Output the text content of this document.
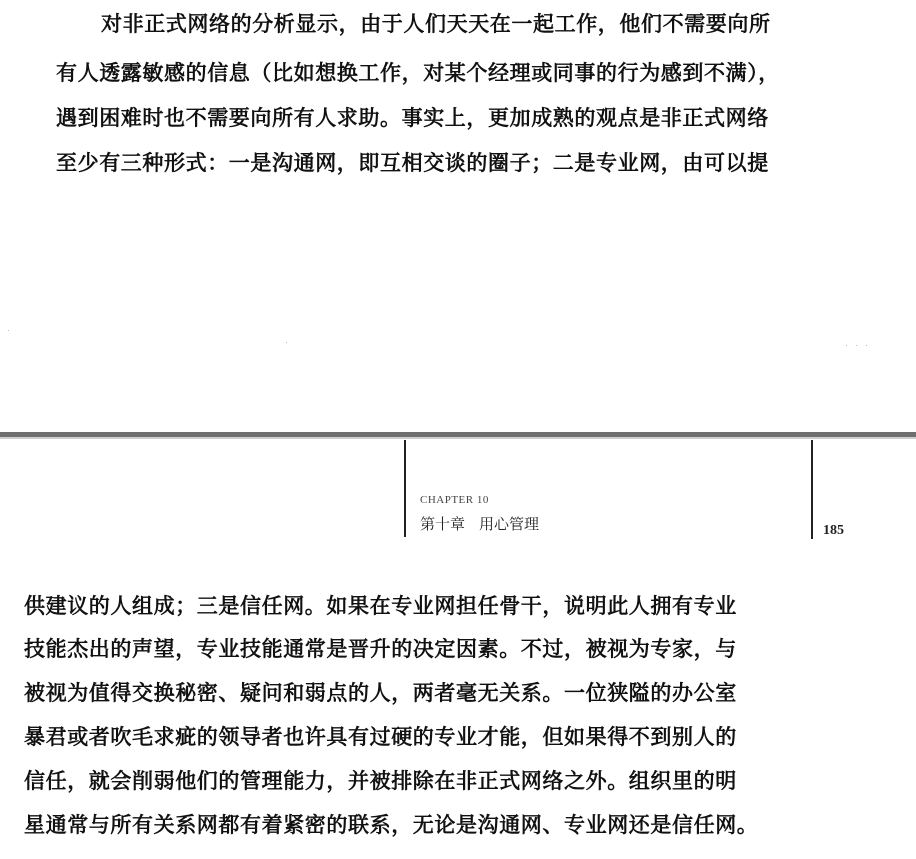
对非正式网络的分析显示，由于人们天天在一起工作，他们不需要向所
有人透露敏感的信息（比如想换工作，对某个经理或同事的行为感到不满），
遇到困难时也不需要向所有人求助。事实上，更加成熟的观点是非正式网络
至少有三种形式：一是沟通网，即互相交谈的圈子；二是专业网，由可以提
CHAPTER 10
第十章 用心管理	185
供建议的人组成；三是信任网。如果在专业网担任骨干，说明此人拥有专业
技能杰出的声望，专业技能通常是晋升的决定因素。不过，被视为专家，与
被视为值得交换秘密、疑问和弱点的人，两者毫无关系。一位狭隘的办公室
暴君或者吹毛求疵的领导者也许具有过硬的专业才能，但如果得不到别人的
信任，就会削弱他们的管理能力，并被排除在非正式网络之外。组织里的明
星通常与所有关系网都有着紧密的联系，无论是沟通网、专业网还是信任网。
